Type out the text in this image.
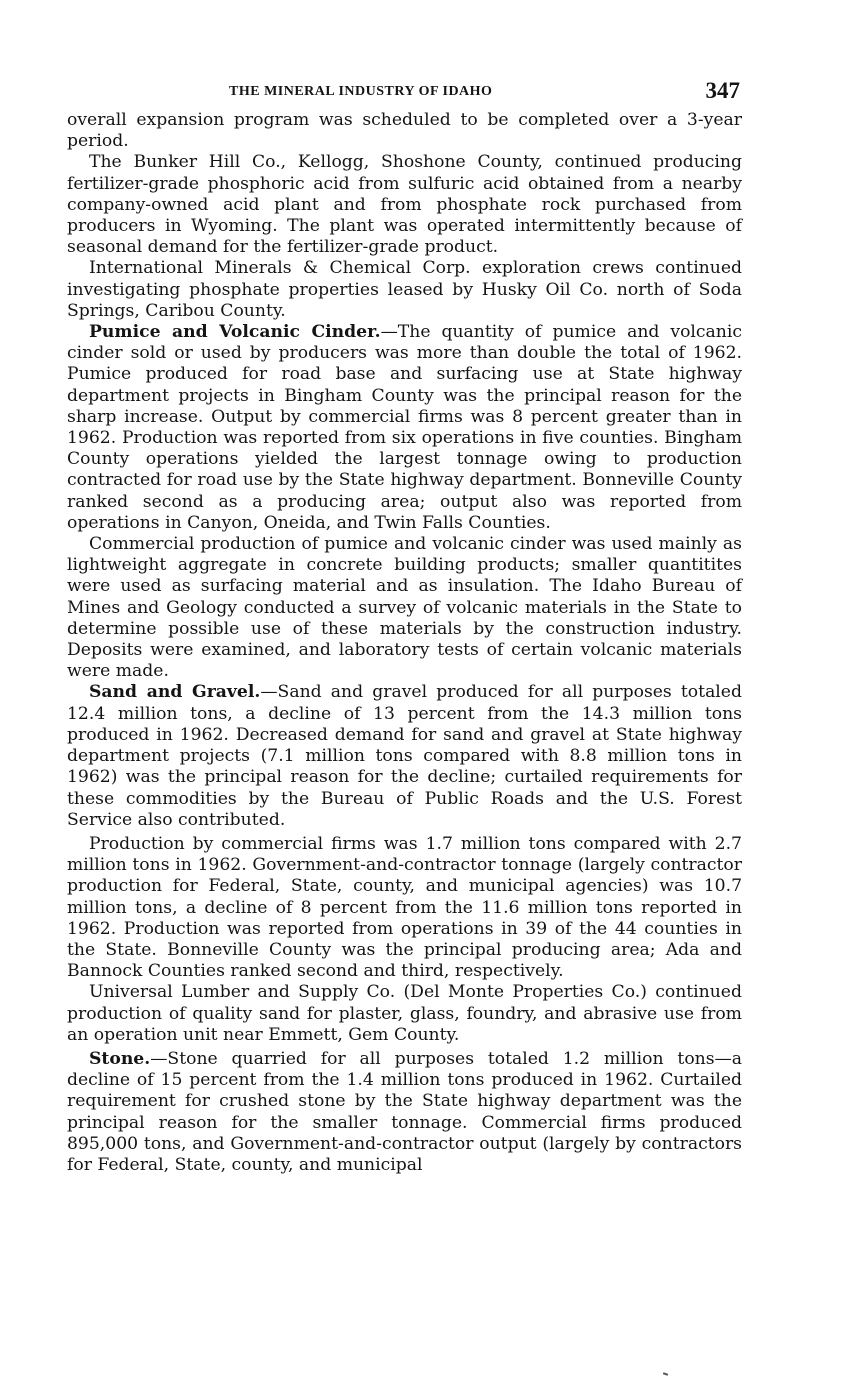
THE MINERAL INDUSTRY OF IDAHO	347

overall expansion program was scheduled to be completed over a 3-year period.

The Bunker Hill Co., Kellogg, Shoshone County, continued producing fertilizer-grade phosphoric acid from sulfuric acid obtained from a nearby company-owned acid plant and from phosphate rock purchased from producers in Wyoming. The plant was operated intermittently because of seasonal demand for the fertilizer-grade product.

International Minerals & Chemical Corp. exploration crews continued investigating phosphate properties leased by Husky Oil Co. north of Soda Springs, Caribou County.

Pumice and Volcanic Cinder.—The quantity of pumice and volcanic cinder sold or used by producers was more than double the total of 1962. Pumice produced for road base and surfacing use at State highway department projects in Bingham County was the principal reason for the sharp increase. Output by commercial firms was 8 percent greater than in 1962. Production was reported from six operations in five counties. Bingham County operations yielded the largest tonnage owing to production contracted for road use by the State highway department. Bonneville County ranked second as a producing area; output also was reported from operations in Canyon, Oneida, and Twin Falls Counties.

Commercial production of pumice and volcanic cinder was used mainly as lightweight aggregate in concrete building products; smaller quantitites were used as surfacing material and as insulation. The Idaho Bureau of Mines and Geology conducted a survey of volcanic materials in the State to determine possible use of these materials by the construction industry. Deposits were examined, and laboratory tests of certain volcanic materials were made.

Sand and Gravel.—Sand and gravel produced for all purposes totaled 12.4 million tons, a decline of 13 percent from the 14.3 million tons produced in 1962. Decreased demand for sand and gravel at State highway department projects (7.1 million tons compared with 8.8 million tons in 1962) was the principal reason for the decline; curtailed requirements for these commodities by the Bureau of Public Roads and the U.S. Forest Service also contributed.

Production by commercial firms was 1.7 million tons compared with 2.7 million tons in 1962. Government-and-contractor tonnage (largely contractor production for Federal, State, county, and municipal agencies) was 10.7 million tons, a decline of 8 percent from the 11.6 million tons reported in 1962. Production was reported from operations in 39 of the 44 counties in the State. Bonneville County was the principal producing area; Ada and Bannock Counties ranked second and third, respectively.

Universal Lumber and Supply Co. (Del Monte Properties Co.) continued production of quality sand for plaster, glass, foundry, and abrasive use from an operation unit near Emmett, Gem County.

Stone.—Stone quarried for all purposes totaled 1.2 million tons—a decline of 15 percent from the 1.4 million tons produced in 1962. Curtailed requirement for crushed stone by the State highway department was the principal reason for the smaller tonnage. Commercial firms produced 895,000 tons, and Government-and-contractor output (largely by contractors for Federal, State, county, and municipal
